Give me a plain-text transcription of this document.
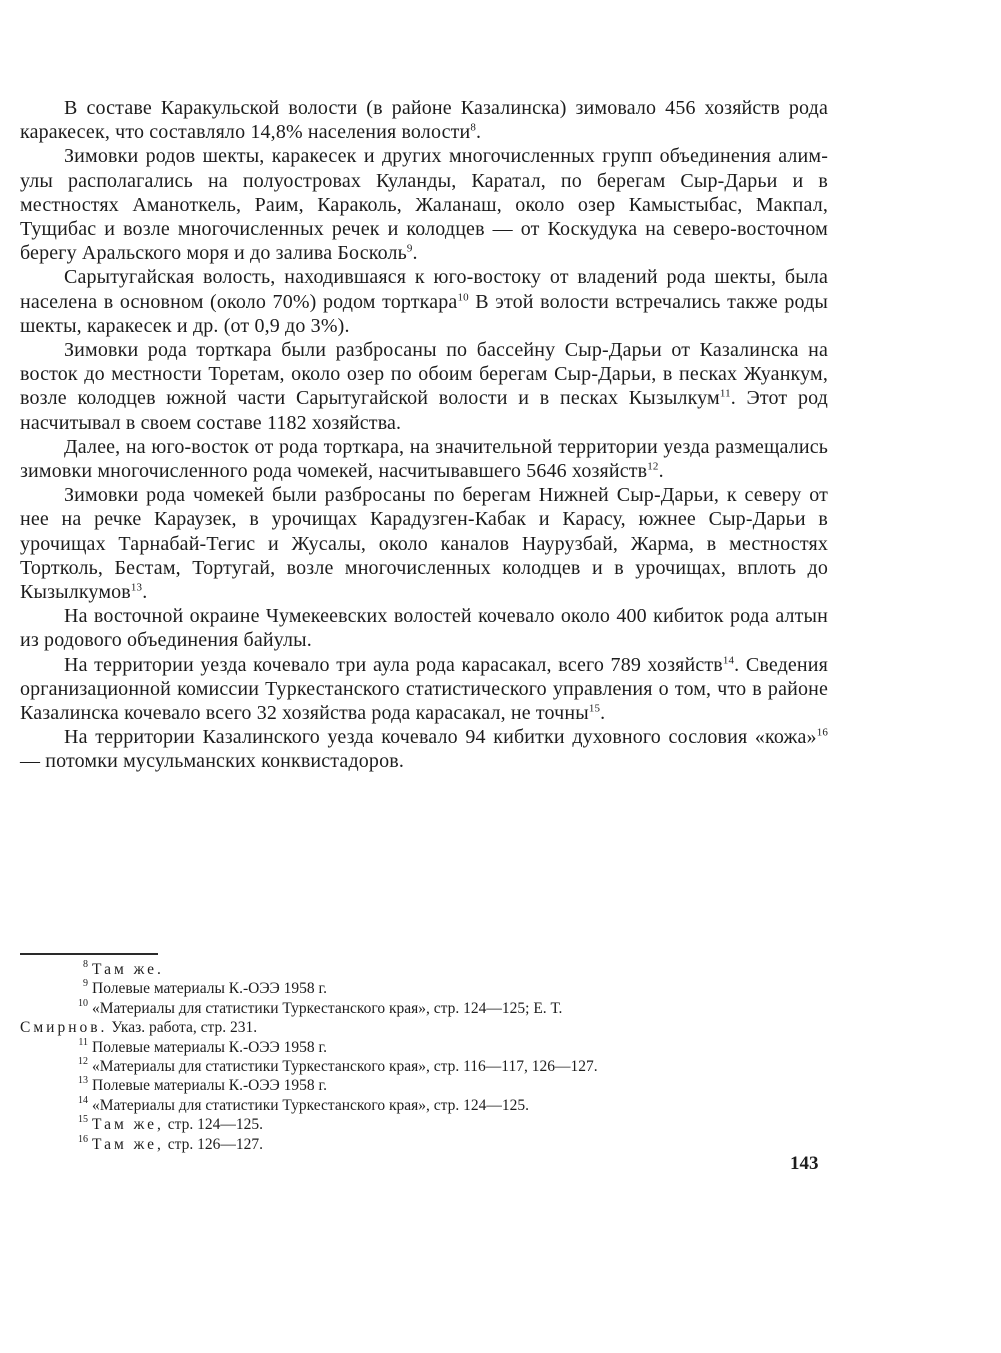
В составе Каракульской волости (в районе Казалинска) зимовало 456 хозяйств рода каракесек, что составляло 14,8% населения волости$^8$.

Зимовки родов шекты, каракесек и других многочисленных групп объединения алим-улы располагались на полуостровах Куланды, Каратал, по берегам Сыр-Дарьи и в местностях Аманоткель, Раим, Караколь, Жаланаш, около озер Камыстыбас, Макпал, Тущибас и возле многочисленных речек и колодцев — от Коскудука на северо-восточном берегу Аральского моря и до залива Босколь$^9$.

Сарытугайская волость, находившаяся к юго-востоку от владений рода шекты, была населена в основном (около 70%) родом торткара$^{10}$ В этой волости встречались также роды шекты, каракесек и др. (от 0,9 до 3%).

Зимовки рода торткара были разбросаны по бассейну Сыр-Дарьи от Казалинска на восток до местности Торетам, около озер по обоим берегам Сыр-Дарьи, в песках Жуанкум, возле колодцев южной части Сарытугайской волости и в песках Кызылкум$^{11}$. Этот род насчитывал в своем составе 1182 хозяйства.

Далее, на юго-восток от рода торткара, на значительной территории уезда размещались зимовки многочисленного рода чомекей, насчитывавшего 5646 хозяйств$^{12}$.

Зимовки рода чомекей были разбросаны по берегам Нижней Сыр-Дарьи, к северу от нее на речке Караузек, в урочищах Карадузген-Кабак и Карасу, южнее Сыр-Дарьи в урочищах Тарнабай-Тегис и Жусалы, около каналов Наурузбай, Жарма, в местностях Тортколь, Бестам, Тортугай, возле многочисленных колодцев и в урочищах, вплоть до Кызылкумов$^{13}$.

На восточной окраине Чумекеевских волостей кочевало около 400 кибиток рода алтын из родового объединения байулы.

На территории уезда кочевало три аула рода карасакал, всего 789 хозяйств$^{14}$. Сведения организационной комиссии Туркестанского статистического управления о том, что в районе Казалинска кочевало всего 32 хозяйства рода карасакал, не точны$^{15}$.

На территории Казалинского уезда кочевало 94 кибитки духовного сословия «кожа»$^{16}$ — потомки мусульманских конквистадоров.

8 Там же.

9 Полевые материалы К.-ОЭЭ 1958 г.

10 «Материалы для статистики Туркестанского края», стр. 124—125; Е. Т.

Смирнов. Указ. работа, стр. 231.

11 Полевые материалы К.-ОЭЭ 1958 г.

12 «Материалы для статистики Туркестанского края», стр. 116—117, 126—127.

13 Полевые материалы К.-ОЭЭ 1958 г.

14 «Материалы для статистики Туркестанского края», стр. 124—125.

15 Там же, стр. 124—125.

16 Там же, стр. 126—127.

143
